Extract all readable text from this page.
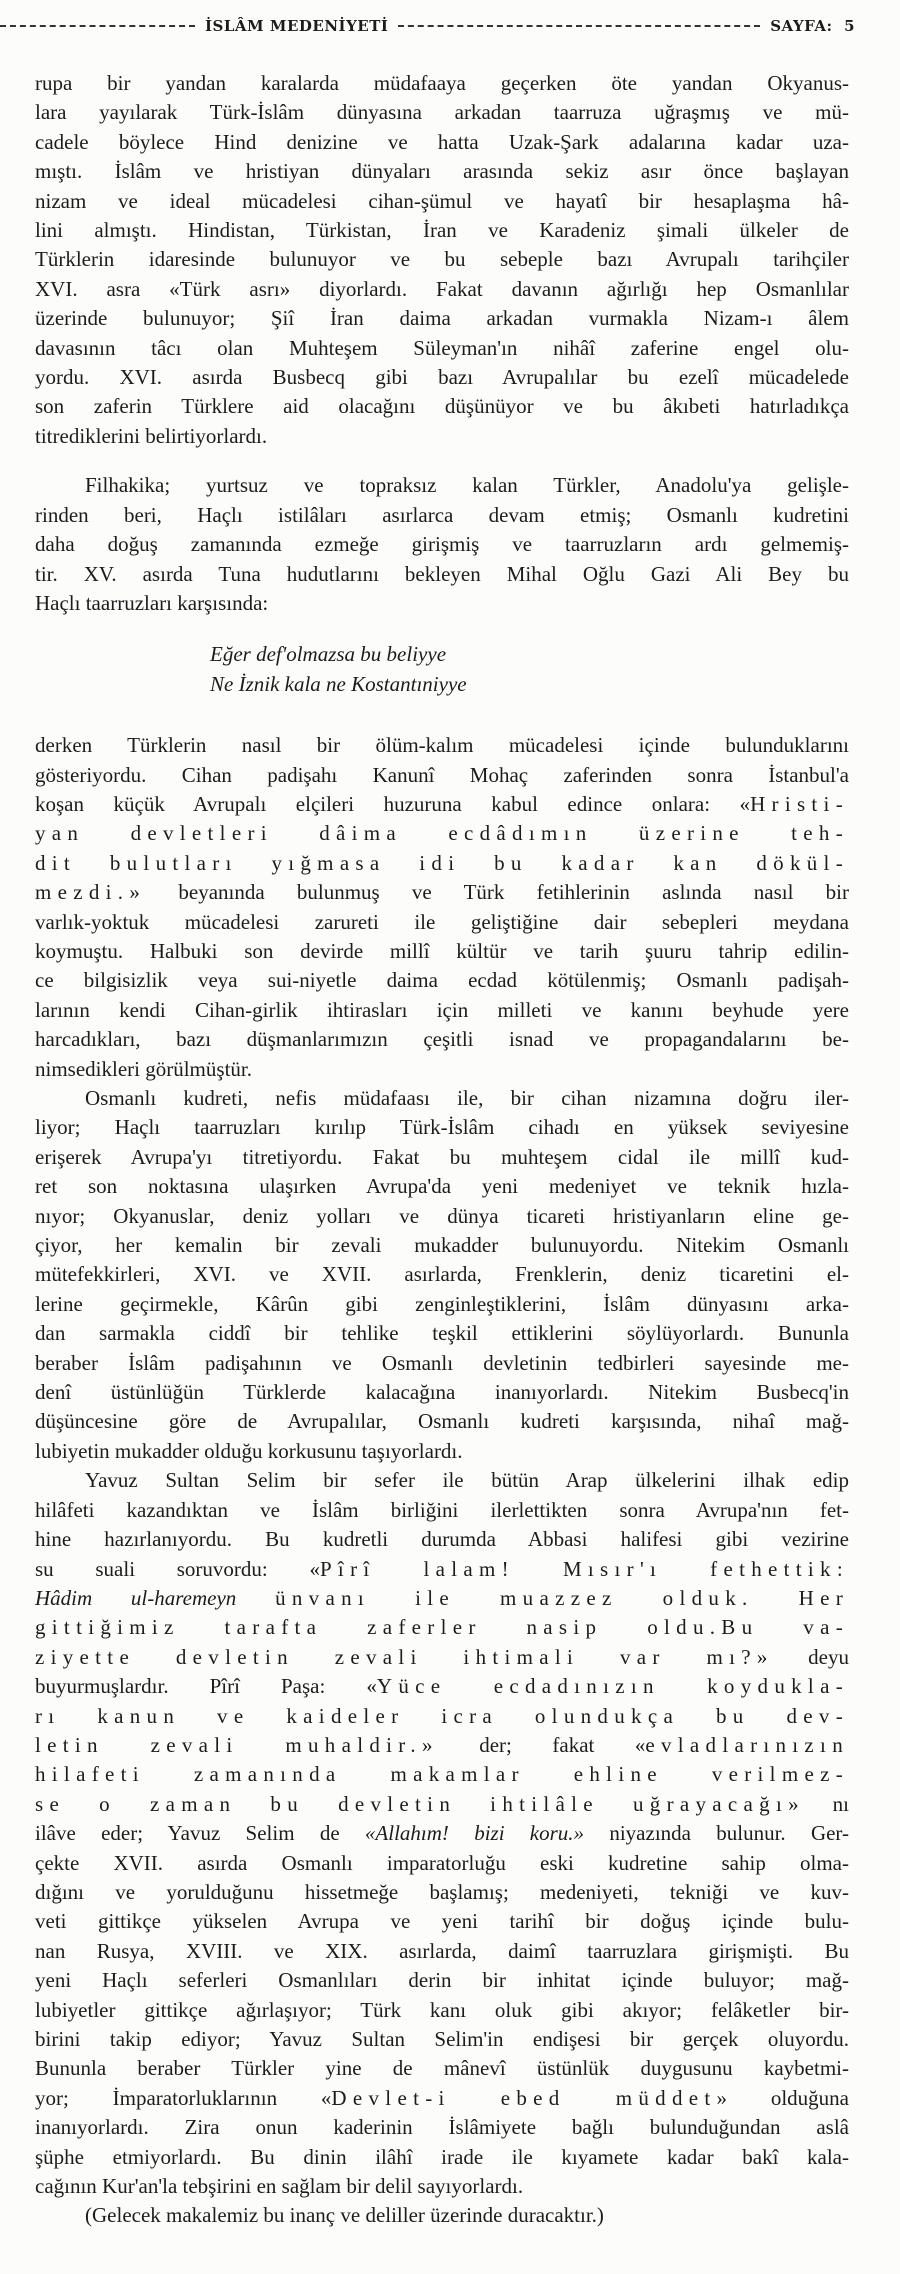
İSLÂM MEDENİYETİ	SAYFA:
5
rupa bir yandan karalarda müdafaaya geçerken öte yandan Okyanus-
lara yayılarak Türk-İslâm dünyasına arkadan taarruza uğraşmış ve mü-
cadele böylece Hind denizine ve hatta Uzak-Şark adalarına kadar uza-
mıştı. İslâm ve hristiyan dünyaları arasında sekiz asır önce başlayan
nizam ve ideal mücadelesi cihan-şümul ve hayatî bir hesaplaşma hâ-
lini almıştı. Hindistan, Türkistan, İran ve Karadeniz şimali ülkeler de
Türklerin idaresinde bulunuyor ve bu sebeple bazı Avrupalı tarihçiler
XVI. asra «Türk asrı» diyorlardı. Fakat davanın ağırlığı hep Osmanlılar
üzerinde bulunuyor; Şiî İran daima arkadan vurmakla Nizam-ı âlem
davasının tâcı olan Muhteşem Süleyman'ın nihâî zaferine engel olu-
yordu. XVI. asırda Busbecq gibi bazı Avrupalılar bu ezelî mücadelede
son zaferin Türklere aid olacağını düşünüyor ve bu âkıbeti hatırladıkça
titrediklerini belirtiyorlardı.
Filhakika; yurtsuz ve topraksız kalan Türkler, Anadolu'ya gelişle-
rinden beri, Haçlı istilâları asırlarca devam etmiş; Osmanlı kudretini
daha doğuş zamanında ezmeğe girişmiş ve taarruzların ardı gelmemiş-
tir. XV. asırda Tuna hudutlarını bekleyen Mihal Oğlu Gazi Ali Bey bu
Haçlı taarruzları karşısında:
Eğer def'olmazsa bu beliyye
Ne İznik kala ne Kostantıniyye
derken Türklerin nasıl bir ölüm-kalım mücadelesi içinde bulunduklarını
gösteriyordu. Cihan padişahı Kanunî Mohaç zaferinden sonra İstanbul'a
koşan küçük Avrupalı elçileri huzuruna kabul edince onlara: «Hristi-
yan devletleri dâima ecdâdımın üzerine teh-
dit bulutları yığmasa idi bu kadar kan dökül-
mezdi.» beyanında bulunmuş ve Türk fetihlerinin aslında nasıl bir
varlık-yoktuk mücadelesi zarureti ile geliştiğine dair sebepleri meydana
koymuştu. Halbuki son devirde millî kültür ve tarih şuuru tahrip edilin-
ce bilgisizlik veya sui-niyetle daima ecdad kötülenmiş; Osmanlı padişah-
larının kendi Cihan-girlik ihtirasları için milleti ve kanını beyhude yere
harcadıkları, bazı düşmanlarımızın çeşitli isnad ve propagandalarını be-
nimsedikleri görülmüştür.
Osmanlı kudreti, nefis müdafaası ile, bir cihan nizamına doğru iler-
liyor; Haçlı taarruzları kırılıp Türk-İslâm cihadı en yüksek seviyesine
erişerek Avrupa'yı titretiyordu. Fakat bu muhteşem cidal ile millî kud-
ret son noktasına ulaşırken Avrupa'da yeni medeniyet ve teknik hızla-
nıyor; Okyanuslar, deniz yolları ve dünya ticareti hristiyanların eline ge-
çiyor, her kemalin bir zevali mukadder bulunuyordu. Nitekim Osmanlı
mütefekkirleri, XVI. ve XVII. asırlarda, Frenklerin, deniz ticaretini el-
lerine geçirmekle, Kârûn gibi zenginleştiklerini, İslâm dünyasını arka-
dan sarmakla ciddî bir tehlike teşkil ettiklerini söylüyorlardı. Bununla
beraber İslâm padişahının ve Osmanlı devletinin tedbirleri sayesinde me-
denî üstünlüğün Türklerde kalacağına inanıyorlardı. Nitekim Busbecq'in
düşüncesine göre de Avrupalılar, Osmanlı kudreti karşısında, nihaî mağ-
lubiyetin mukadder olduğu korkusunu taşıyorlardı.
Yavuz Sultan Selim bir sefer ile bütün Arap ülkelerini ilhak edip
hilâfeti kazandıktan ve İslâm birliğini ilerlettikten sonra Avrupa'nın fet-
hine hazırlanıyordu. Bu kudretli durumda Abbasi halifesi gibi vezirine
su suali soruvordu: «Pîrî lalam! Mısır'ı fethettik:
Hâdim ul-haremeyn ünvanı ile muazzez olduk. Her
gittiğimiz tarafta zaferler nasip oldu.Bu va-
ziyette devletin zevali ihtimali var mı?» deyu
buyurmuşlardır. Pîrî Paşa: «Yüce ecdadınızın koydukla-
rı kanun ve kaideler icra olundukça bu dev-
letin zevali muhaldir.» der; fakat «evladlarınızın
hilafeti zamanında makamlar ehline verilmez-
se o zaman bu devletin ihtilâle uğrayacağı» nı
ilâve eder; Yavuz Selim de «Allahım! bizi koru.» niyazında bulunur. Ger-
çekte XVII. asırda Osmanlı imparatorluğu eski kudretine sahip olma-
dığını ve yorulduğunu hissetmeğe başlamış; medeniyeti, tekniği ve kuv-
veti gittikçe yükselen Avrupa ve yeni tarihî bir doğuş içinde bulu-
nan Rusya, XVIII. ve XIX. asırlarda, daimî taarruzlara girişmişti. Bu
yeni Haçlı seferleri Osmanlıları derin bir inhitat içinde buluyor; mağ-
lubiyetler gittikçe ağırlaşıyor; Türk kanı oluk gibi akıyor; felâketler bir-
birini takip ediyor; Yavuz Sultan Selim'in endişesi bir gerçek oluyordu.
Bununla beraber Türkler yine de mânevî üstünlük duygusunu kaybetmi-
yor; İmparatorluklarının «Devlet-i ebed müddet» olduğuna
inanıyorlardı. Zira onun kaderinin İslâmiyete bağlı bulunduğundan aslâ
şüphe etmiyorlardı. Bu dinin ilâhî irade ile kıyamete kadar bakî kala-
cağının Kur'an'la tebşirini en sağlam bir delil sayıyorlardı.
(Gelecek makalemiz bu inanç ve deliller üzerinde duracaktır.)
